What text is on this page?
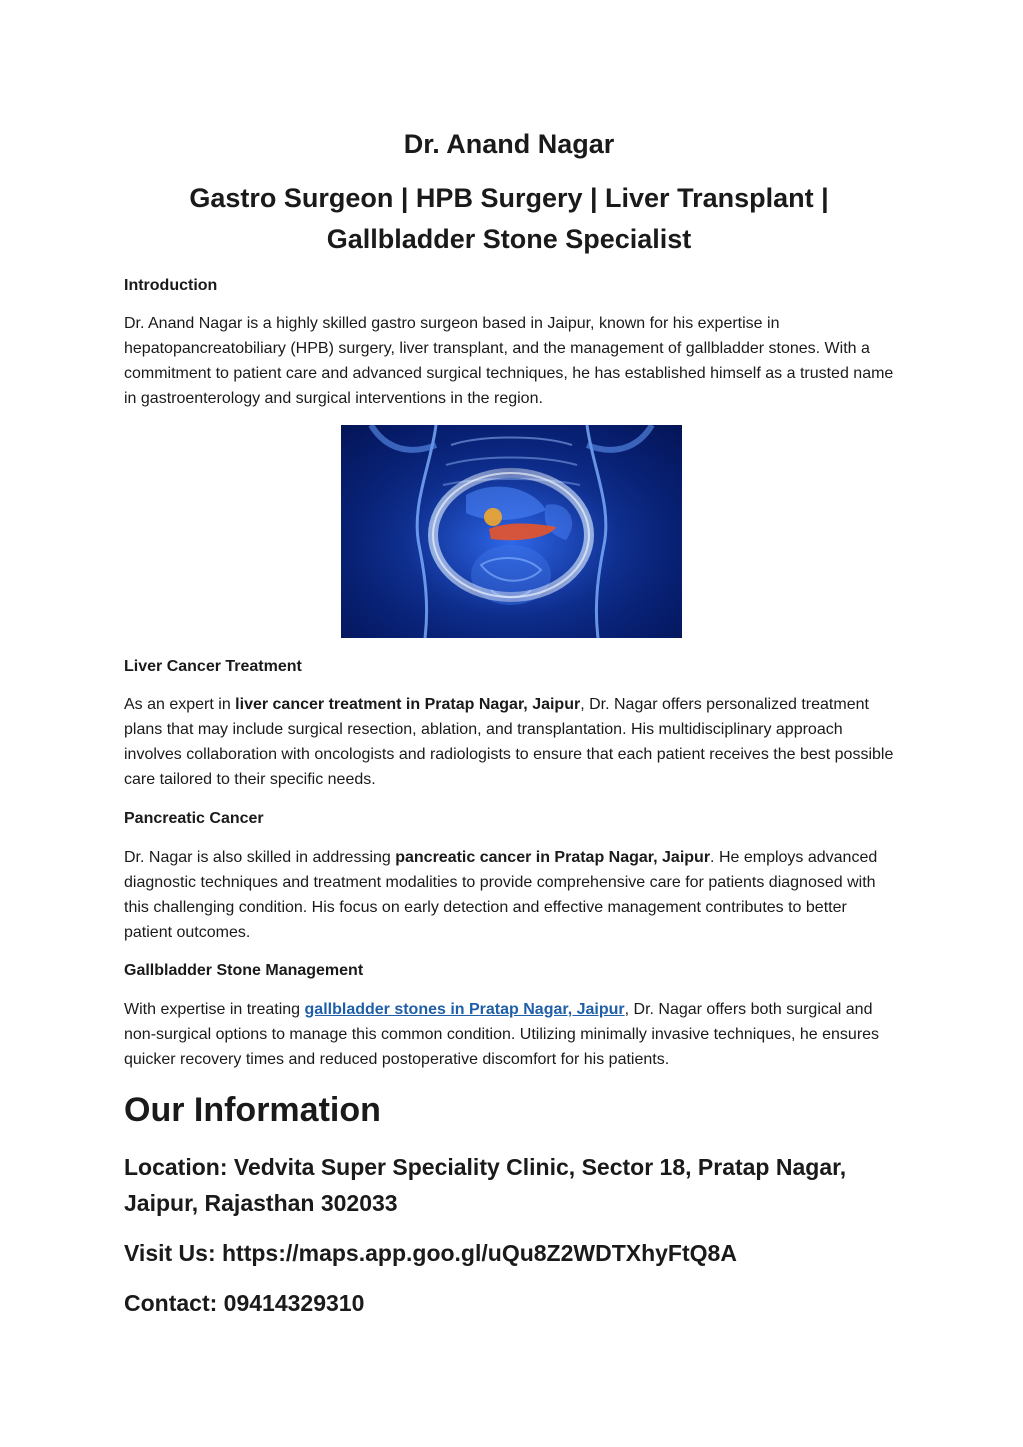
Dr. Anand Nagar
Gastro Surgeon | HPB Surgery | Liver Transplant | Gallbladder Stone Specialist
Introduction

Dr. Anand Nagar is a highly skilled gastro surgeon based in Jaipur, known for his expertise in hepatopancreatobiliary (HPB) surgery, liver transplant, and the management of gallbladder stones. With a commitment to patient care and advanced surgical techniques, he has established himself as a trusted name in gastroenterology and surgical interventions in the region.

Liver Cancer Treatment

As an expert in liver cancer treatment in Pratap Nagar, Jaipur, Dr. Nagar offers personalized treatment plans that may include surgical resection, ablation, and transplantation. His multidisciplinary approach involves collaboration with oncologists and radiologists to ensure that each patient receives the best possible care tailored to their specific needs.

Pancreatic Cancer

Dr. Nagar is also skilled in addressing pancreatic cancer in Pratap Nagar, Jaipur. He employs advanced diagnostic techniques and treatment modalities to provide comprehensive care for patients diagnosed with this challenging condition. His focus on early detection and effective management contributes to better patient outcomes.

Gallbladder Stone Management

With expertise in treating gallbladder stones in Pratap Nagar, Jaipur, Dr. Nagar offers both surgical and non-surgical options to manage this common condition. Utilizing minimally invasive techniques, he ensures quicker recovery times and reduced postoperative discomfort for his patients.

Our Information

Location: Vedvita Super Speciality Clinic, Sector 18, Pratap Nagar, Jaipur, Rajasthan 302033

Visit Us: https://maps.app.goo.gl/uQu8Z2WDTXhyFtQ8A

Contact: 09414329310
